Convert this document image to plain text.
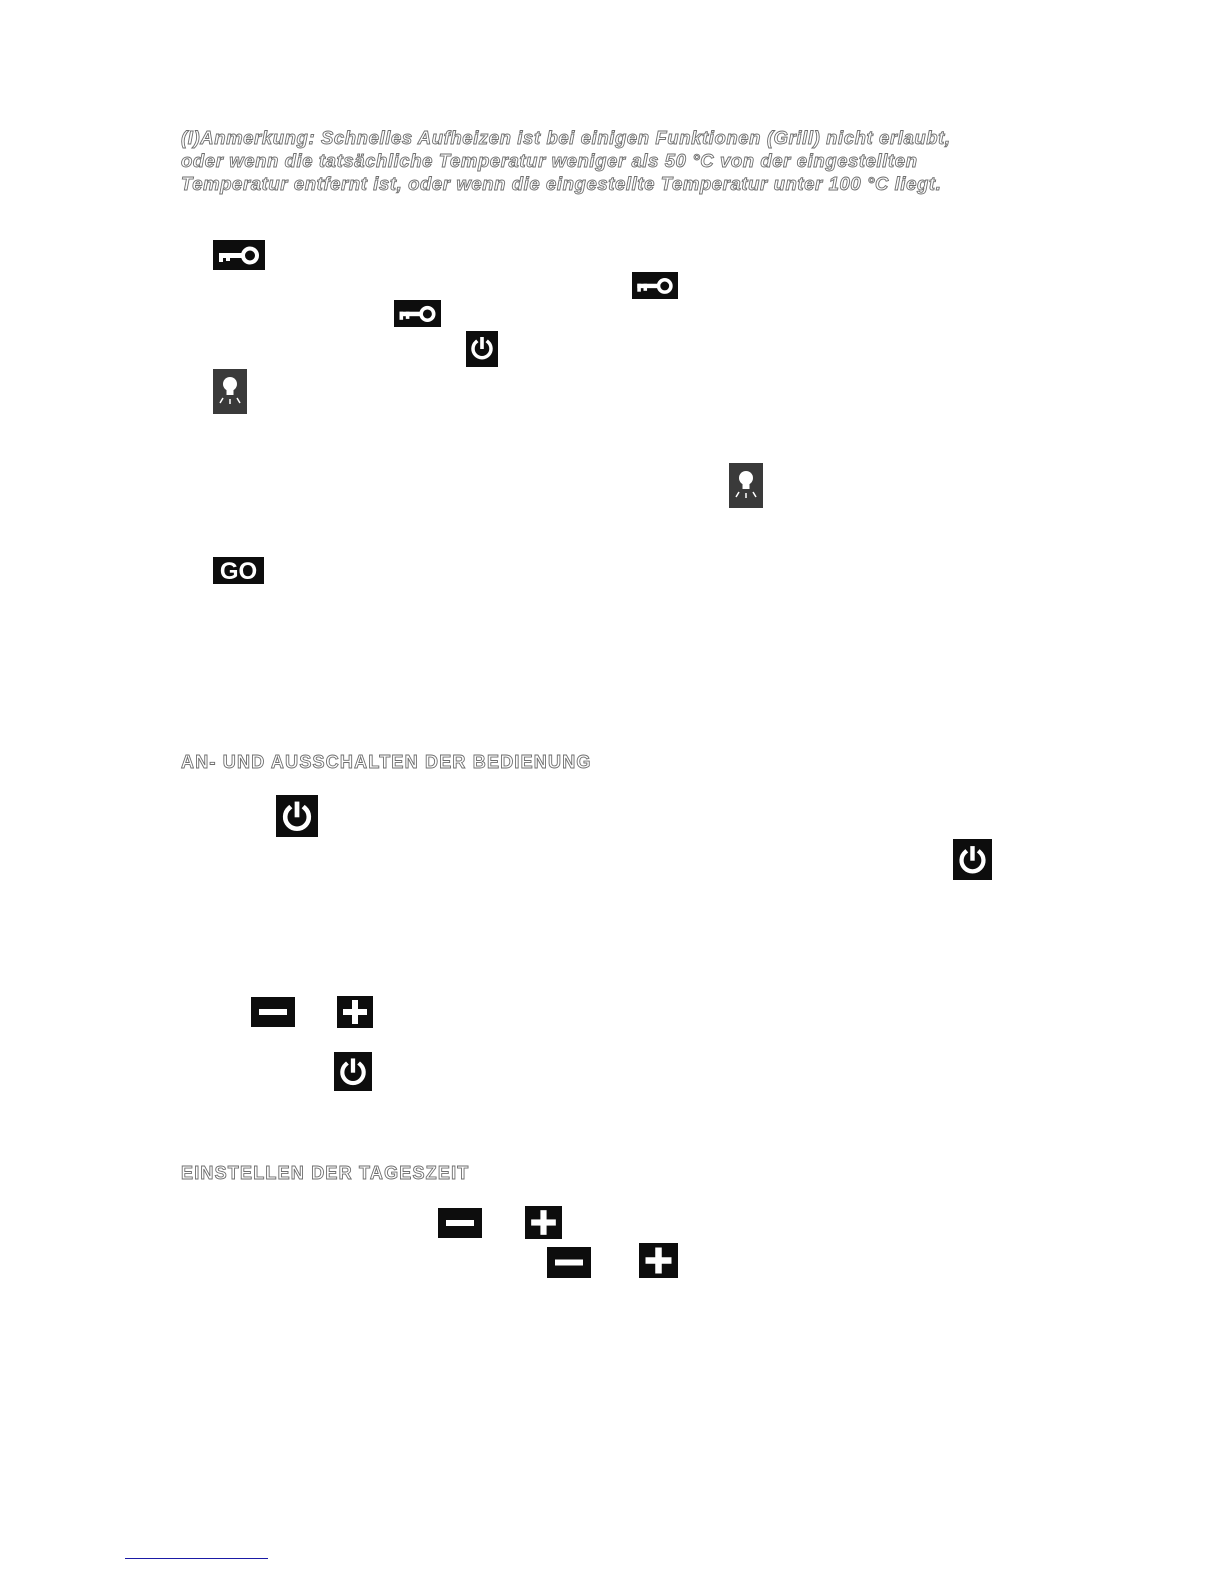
(I)Anmerkung: Schnelles Aufheizen ist bei einigen Funktionen (Grill) nicht erlaubt,
oder wenn die tatsächliche Temperatur weniger als 50 °C von der eingestellten
Temperatur entfernt ist, oder wenn die eingestellte Temperatur unter 100 °C liegt.
GO
AN- UND AUSSCHALTEN DER BEDIENUNG
EINSTELLEN DER TAGESZEIT
